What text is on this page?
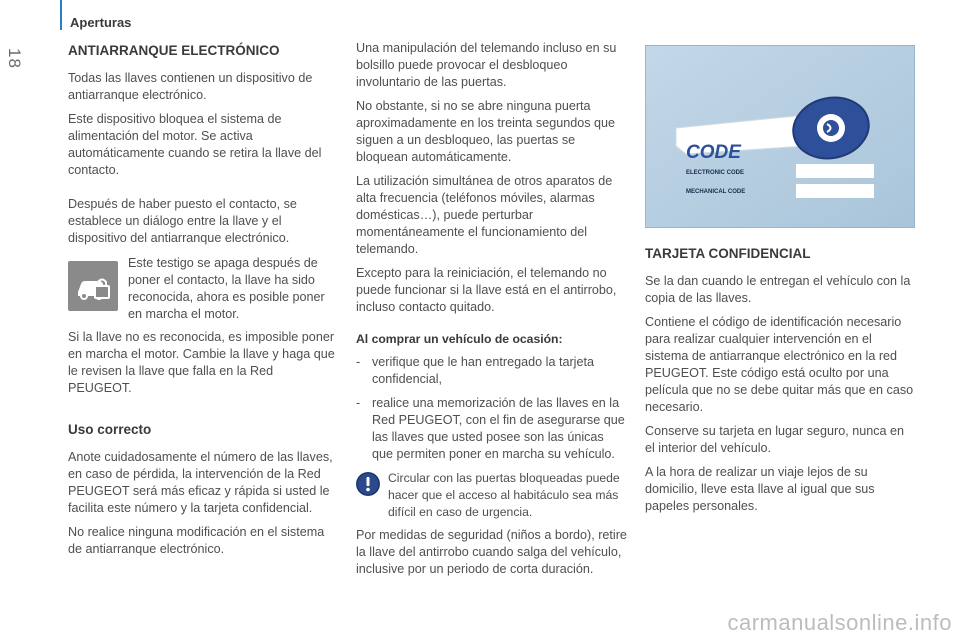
Aperturas
18	ANTIARRANQUE ELECTRÓNICO

Todas las llaves contienen un dispositivo de antiarranque electrónico.

Este dispositivo bloquea el sistema de alimentación del motor. Se activa automáticamente cuando se retira la llave del contacto.

Después de haber puesto el contacto, se establece un diálogo entre la llave y el dispositivo del antiarranque electrónico.

Este testigo se apaga después de poner el contacto, la llave ha sido reconocida, ahora es posible poner en marcha el motor.

Si la llave no es reconocida, es imposible poner en marcha el motor. Cambie la llave y haga que le revisen la llave que falla en la Red PEUGEOT.

Uso correcto

Anote cuidadosamente el número de las llaves, en caso de pérdida, la intervención de la Red PEUGEOT será más eficaz y rápida si usted le facilita este número y la tarjeta confidencial.

No realice ninguna modificación en el sistema de antiarranque electrónico.

Una manipulación del telemando incluso en su bolsillo puede provocar el desbloqueo involuntario de las puertas.

No obstante, si no se abre ninguna puerta aproximadamente en los treinta segundos que siguen a un desbloqueo, las puertas se bloquean automáticamente.

La utilización simultánea de otros aparatos de alta frecuencia (teléfonos móviles, alarmas domésticas…), puede perturbar momentáneamente el funcionamiento del telemando.

Excepto para la reiniciación, el telemando no puede funcionar si la llave está en el antirrobo, incluso contacto quitado.

Al comprar un vehículo de ocasión:
- verifique que le han entregado la tarjeta confidencial,
- realice una memorización de las llaves en la Red PEUGEOT, con el fin de asegurarse que las llaves que usted posee son las únicas que permiten poner en marcha su vehículo.

Circular con las puertas bloqueadas puede hacer que el acceso al habitáculo sea más difícil en caso de urgencia.

Por medidas de seguridad (niños a bordo), retire la llave del antirrobo cuando salga del vehículo, inclusive por un periodo de corta duración.

CODE
ELECTRONIC CODE
MECHANICAL CODE
TARJETA CONFIDENCIAL

Se la dan cuando le entregan el vehículo con la copia de las llaves.

Contiene el código de identificación necesario para realizar cualquier intervención en el sistema de antiarranque electrónico en la red PEUGEOT. Este código está oculto por una película que no se debe quitar más que en caso necesario.

Conserve su tarjeta en lugar seguro, nunca en el interior del vehículo.

A la hora de realizar un viaje lejos de su domicilio, lleve esta llave al igual que sus papeles personales.

carmanualsonline.info
